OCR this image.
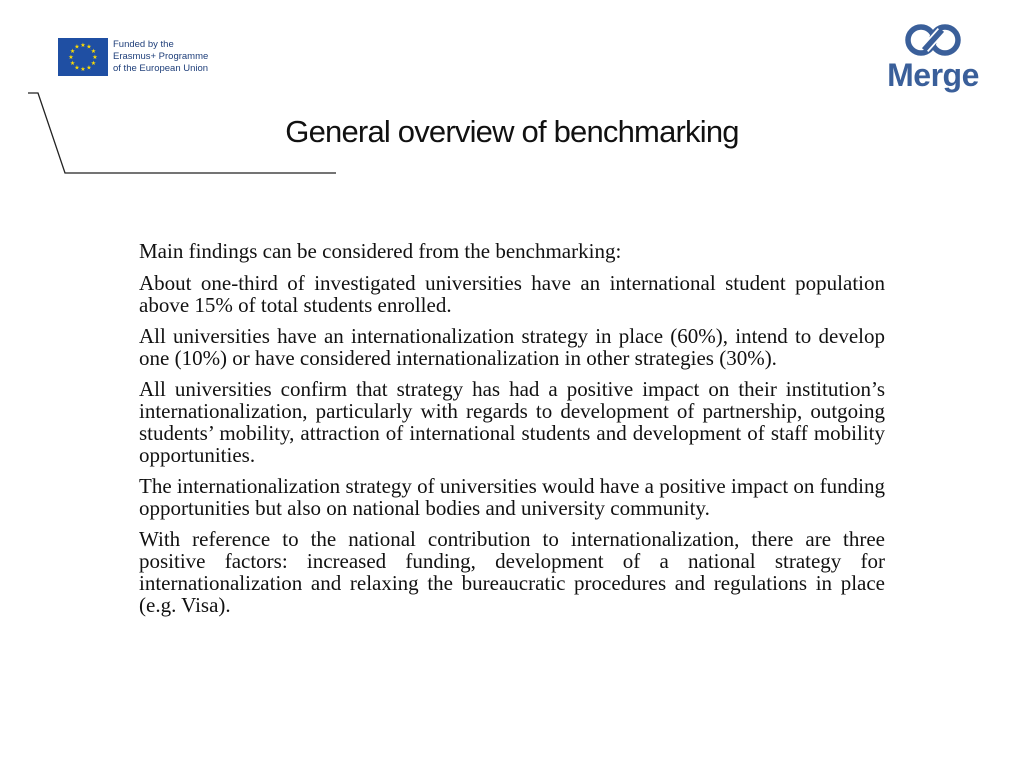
★ ★
★
★
★
★
★
★
★
★
★
★	Funded by the
Erasmus+ Programme
of the European Union	Merge
General overview of benchmarking

Main findings can be considered from the benchmarking:

About one-third of investigated universities have an international student population above 15% of total students enrolled.

All universities have an internationalization strategy in place (60%), intend to develop one (10%) or have considered internationalization in other strategies (30%).

All universities confirm that strategy has had a positive impact on their institution’s internationalization, particularly with regards to development of partnership, outgoing students’ mobility, attraction of international students and development of staff mobility opportunities.

The internationalization strategy of universities would have a positive impact on funding opportunities but also on national bodies and university community.

With reference to the national contribution to internationalization, there are three positive factors: increased funding, development of a national strategy for internationalization and relaxing the bureaucratic procedures and regulations in place (e.g. Visa).
